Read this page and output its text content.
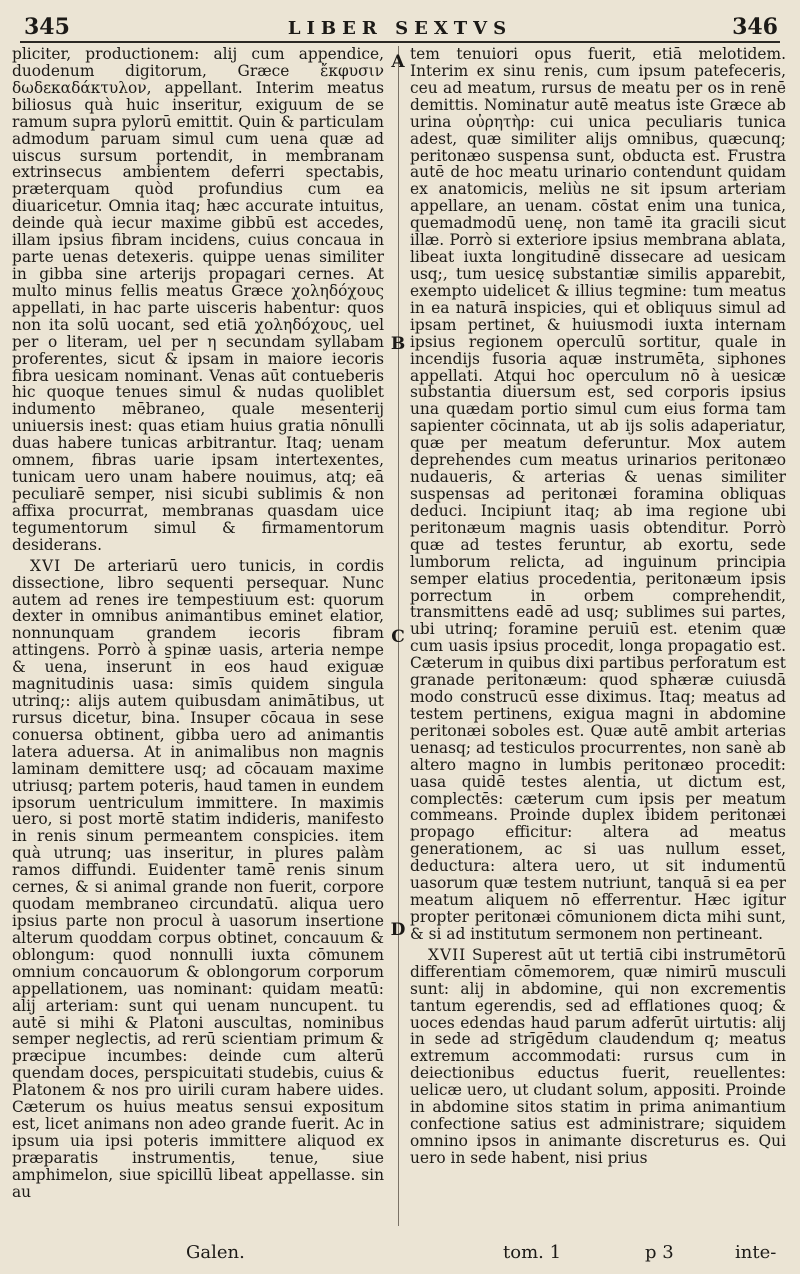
345	LIBER SEXTVS	346

pliciter, productionem: alij cum appendice, duodenum digitorum, Græce ἔκφυσιν δωδεκαδάκτυλον, appellant. Interim meatus biliosus quà huic inseritur, exiguum de se ramum supra pylorū emittit. Quin & particulam admodum paruam simul cum uena quæ ad uiscus sursum portendit, in membranam extrinsecus ambientem deferri spectabis, præterquam quòd profundius cum ea diuaricetur. Omnia itaq; hæc accurate intuitus, deinde quà iecur maxime gibbū est accedes, illam ipsius fibram incidens, cuius concaua in parte uenas detexeris. quippe uenas similiter in gibba sine arterijs propagari cernes. At multo minus fellis meatus Græce χοληδόχους appellati, in hac parte uisceris habentur: quos non ita solū uocant, sed etiā χοληδόχους, uel per ο literam, uel per η secundam syllabam proferentes, sicut & ipsam in maiore iecoris fibra uesicam nominant. Venas aūt contueberis hic quoque tenues simul & nudas quoliblet indumento mēbraneo, quale mesenterij uniuersis inest: quas etiam huius gratia nōnulli duas habere tunicas arbitrantur. Itaq; uenam omnem, fibras uarie ipsam intertexentes, tunicam uero unam habere nouimus, atq; eā peculiarē semper, nisi sicubi sublimis & non affixa procurrat, membranas quasdam uice tegumentorum simul & firmamentorum desiderans.

XVI De arteriarū uero tunicis, in cordis dissectione, libro sequenti persequar. Nunc autem ad renes ire tempestiuum est: quorum dexter in omnibus animantibus eminet elatior, nonnunquam grandem iecoris fibram attingens. Porrò à spinæ uasis, arteria nempe & uena, inserunt̄ in eos haud exiguæ magnitudinis uasa: simīs quidem singula utrinq;: alijs autem quibusdam animātibus, ut rursus dicetur, bina. Insuper cōcaua in sese conuersa obtinent, gibba uero ad animantis latera aduersa. At in animalibus non magnis laminam demittere usq; ad cōcauam maxime utriusq; partem poteris, haud tamen in eundem ipsorum uentriculum immittere. In maximis uero, si post mortē statim indideris, manifesto in renis sinum permeantem conspicies. item quà utrunq; uas inseritur, in plures palàm ramos diffundi. Euidenter tamē renis sinum cernes, & si animal grande non fuerit, corpore quodam membraneo circundatū. aliqua uero ipsius parte non procul à uasorum insertione alterum quoddam corpus obtinet, concauum & oblongum: quod nonnulli iuxta cōmunem omnium concauorum & oblongorum corporum appellationem, uas nominant: quidam meatū: alij arteriam: sunt qui uenam nuncupent. tu autē si mihi & Platoni auscultas, nominibus semper neglectis, ad rerū scientiam primum & præcipue incumbes: deinde cum alterū quendam doces, perspicuitati studebis, cuius & Platonem & nos pro uirili curam habere uides. Cæterum os huius meatus sensui expositum est, licet animans non adeo grande fuerit. Ac in ipsum uia ipsi poteris immittere aliquod ex præparatis instrumentis, tenue, siue amphimelon, siue spicillū libeat appellasse. sin au

A
B
C
D

tem tenuiori opus fuerit, etiā melotidem. Interim ex sinu renis, cum ipsum patefeceris, ceu ad meatum, rursus de meatu per os in renē demittis. Nominatur autē meatus iste Græce ab urina οὐρητὴρ: cui unica peculiaris tunica adest, quæ similiter alijs omnibus, quæcunq; peritonæo suspensa sunt, obducta est. Frustra autē de hoc meatu urinario contendunt quidam ex anatomicis, meliùs ne sit ipsum arteriam appellare, an uenam. cōstat enim una tunica, quemadmodū uenę, non tamē ita gracili sicut illæ. Porrò si exteriore ipsius membrana ablata, libeat iuxta longitudinē dissecare ad uesicam usq;, tum uesicę substantiæ similis apparebit, exempto uidelicet & illius tegmine: tum meatus in ea naturā inspicies, qui et obliquus simul ad ipsam pertinet, & huiusmodi iuxta internam ipsius regionem operculū sortitur, quale in incendijs fusoria aquæ instrumēta, siphones appellati. Atqui hoc operculum nō à uesicæ substantia diuersum est, sed corporis ipsius una quædam portio simul cum eius forma tam sapienter cōcinnata, ut ab ijs solis adaperiatur, quæ per meatum deferuntur. Mox autem deprehendes cum meatus urinarios peritonæo nudaueris, & arterias & uenas similiter suspensas ad peritonæi foramina obliquas deduci. Incipiunt itaq; ab ima regione ubi peritonæum magnis uasis obtenditur. Porrò quæ ad testes feruntur, ab exortu, sede lumborum relicta, ad inguinum principia semper elatius procedentia, peritonæum ipsis porrectum in orbem comprehendit, transmittens eadē ad usq; sublimes sui partes, ubi utrinq; foramine peruiū est. etenim quæ cum uasis ipsius procedit, longa propagatio est. Cæterum in quibus dixi partibus perforatum est granade peritonæum: quod sphæræ cuiusdā modo construcū esse diximus. Itaq; meatus ad testem pertinens, exigua magni in abdomine peritonæi soboles est. Quæ autē ambit arterias uenasq; ad testiculos procurrentes, non sanè ab altero magno in lumbis peritonæo procedit: uasa quidē testes alentia, ut dictum est, complectēs: cæterum cum ipsis per meatum commeans. Proinde duplex ibidem peritonæi propago efficitur: altera ad meatus generationem, ac si uas nullum esset, deductura: altera uero, ut sit indumentū uasorum quæ testem nutriunt, tanquā si ea per meatum aliquem nō efferrentur. Hæc igitur propter peritonæi cōmunionem dicta mihi sunt, & si ad institutum sermonem non pertineant.

XVII Superest aūt ut tertiā cibi instrumētorū differentiam cōmemorem, quæ nimirū musculi sunt: alij in abdomine, qui non excrementis tantum egerendis, sed ad efflationes quoq; & uoces edendas haud parum adferūt uirtutis: alij in sede ad strīgēdum claudendum q; meatus extremum accommodati: rursus cum in deiectionibus eductus fuerit, reuellentes: uelicæ uero, ut cludant solum, appositi. Proinde in abdomine sitos statim in prima animantium confectione satius est administrare; siquidem omnino ipsos in animante discreturus es. Qui uero in sede habent, nisi prius

Galen.	tom. 1	p 3	inte-
